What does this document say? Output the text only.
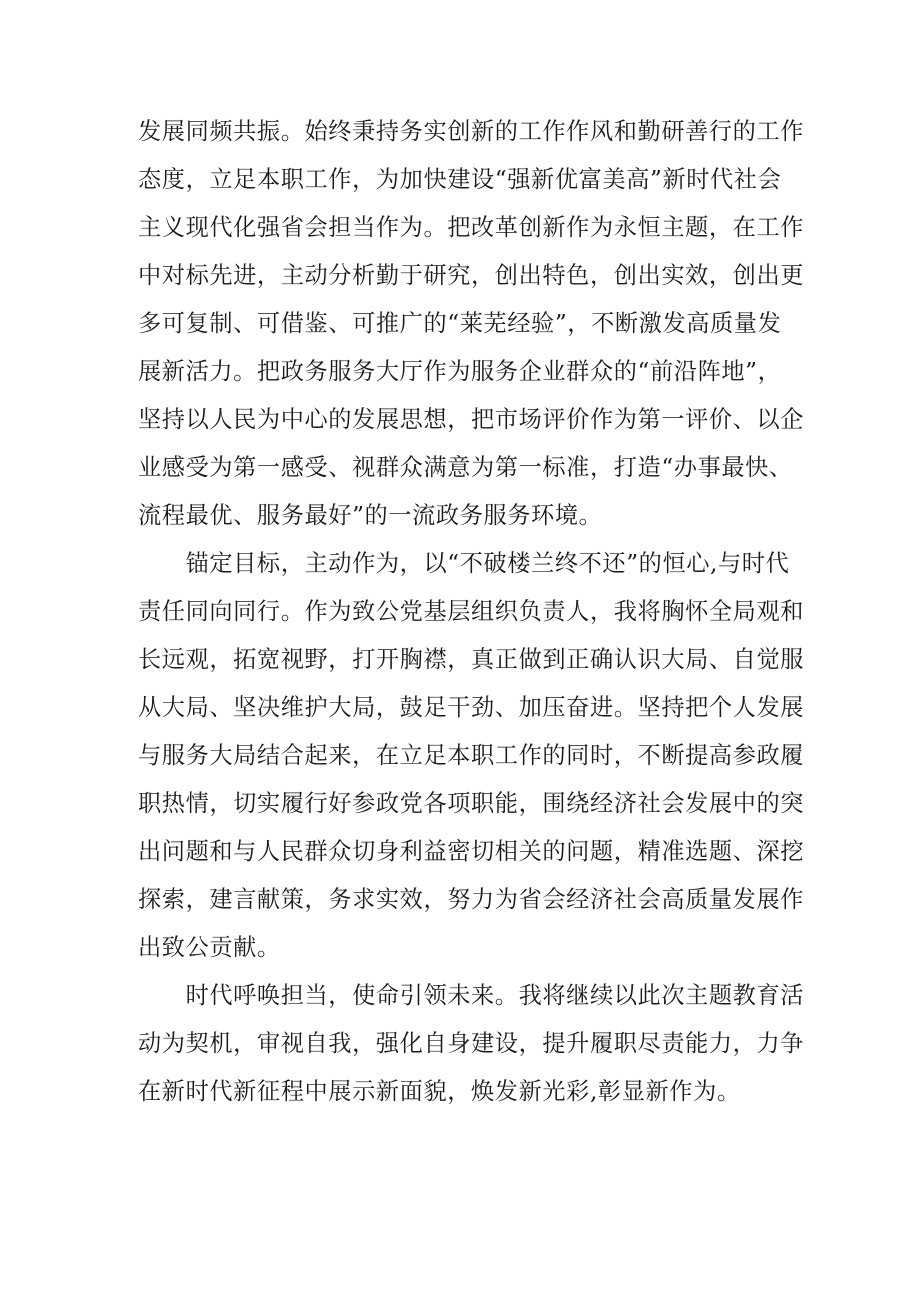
发展同频共振。始终秉持务实创新的工作作风和勤研善行的工作
态度，立足本职工作，为加快建设“强新优富美高”新时代社会
主义现代化强省会担当作为。把改革创新作为永恒主题，在工作
中对标先进，主动分析勤于研究，创出特色，创出实效，创出更
多可复制、可借鉴、可推广的“莱芜经验”，不断激发高质量发
展新活力。把政务服务大厅作为服务企业群众的“前沿阵地”，
坚持以人民为中心的发展思想，把市场评价作为第一评价、以企
业感受为第一感受、视群众满意为第一标准，打造“办事最快、
流程最优、服务最好”的一流政务服务环境。
　　锚定目标，主动作为，以“不破楼兰终不还”的恒心,与时代
责任同向同行。作为致公党基层组织负责人，我将胸怀全局观和
长远观，拓宽视野，打开胸襟，真正做到正确认识大局、自觉服
从大局、坚决维护大局，鼓足干劲、加压奋进。坚持把个人发展
与服务大局结合起来，在立足本职工作的同时，不断提高参政履
职热情，切实履行好参政党各项职能，围绕经济社会发展中的突
出问题和与人民群众切身利益密切相关的问题，精准选题、深挖
探索，建言献策，务求实效，努力为省会经济社会高质量发展作
出致公贡献。
　　时代呼唤担当，使命引领未来。我将继续以此次主题教育活
动为契机，审视自我，强化自身建设，提升履职尽责能力，力争
在新时代新征程中展示新面貌，焕发新光彩,彰显新作为。
